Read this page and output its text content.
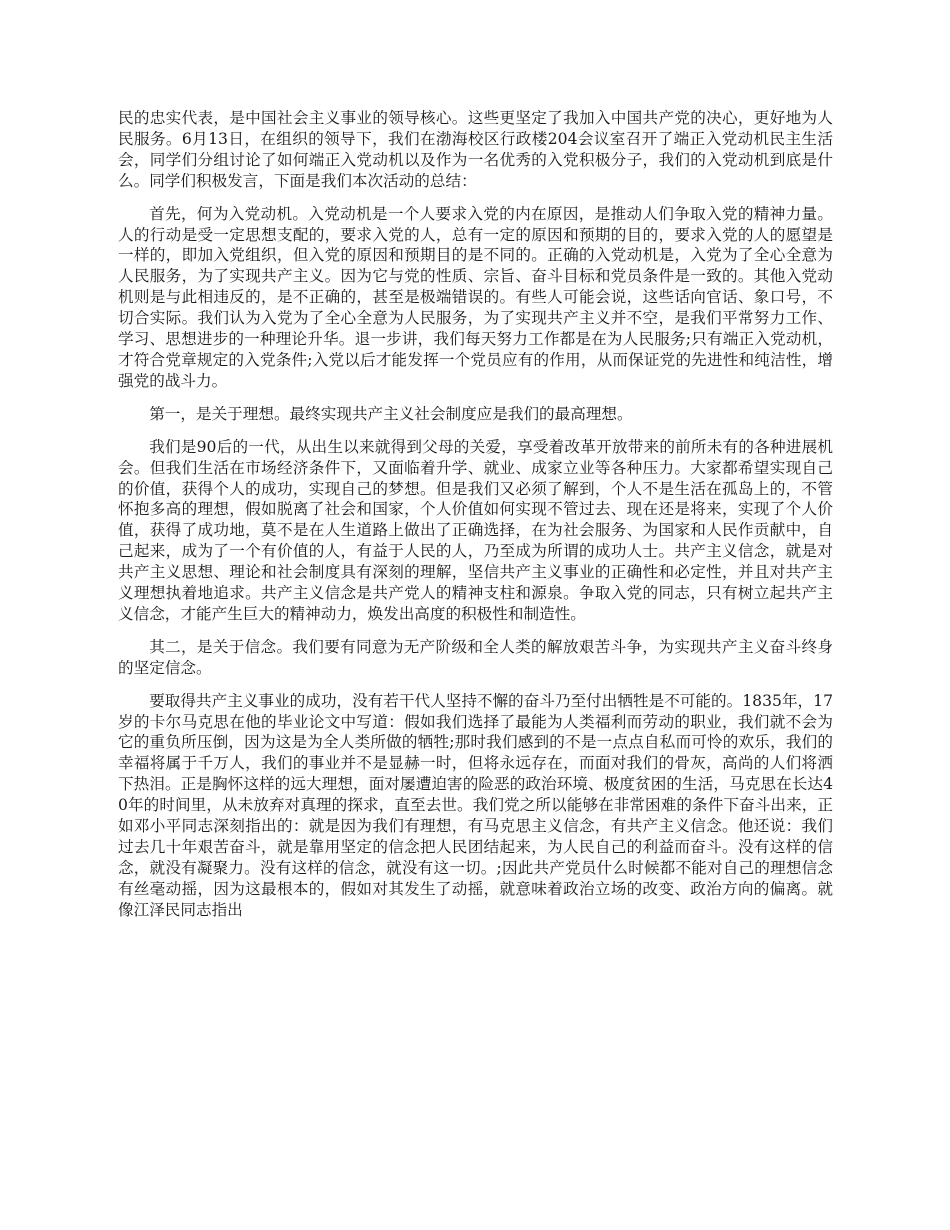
民的忠实代表，是中国社会主义事业的领导核心。这些更坚定了我加入中国共产党的决心，更好地为人民服务。6月13日，在组织的领导下，我们在渤海校区行政楼204会议室召开了端正入党动机民主生活会，同学们分组讨论了如何端正入党动机以及作为一名优秀的入党积极分子，我们的入党动机到底是什么。同学们积极发言，下面是我们本次活动的总结：

首先，何为入党动机。入党动机是一个人要求入党的内在原因，是推动人们争取入党的精神力量。人的行动是受一定思想支配的，要求入党的人，总有一定的原因和预期的目的，要求入党的人的愿望是一样的，即加入党组织，但入党的原因和预期目的是不同的。正确的入党动机是，入党为了全心全意为人民服务，为了实现共产主义。因为它与党的性质、宗旨、奋斗目标和党员条件是一致的。其他入党动机则是与此相违反的，是不正确的，甚至是极端错误的。有些人可能会说，这些话向官话、象口号，不切合实际。我们认为入党为了全心全意为人民服务，为了实现共产主义并不空，是我们平常努力工作、学习、思想进步的一种理论升华。退一步讲，我们每天努力工作都是在为人民服务;只有端正入党动机，才符合党章规定的入党条件;入党以后才能发挥一个党员应有的作用，从而保证党的先进性和纯洁性，增强党的战斗力。

第一，是关于理想。最终实现共产主义社会制度应是我们的最高理想。

我们是90后的一代，从出生以来就得到父母的关爱，享受着改革开放带来的前所未有的各种进展机会。但我们生活在市场经济条件下，又面临着升学、就业、成家立业等各种压力。大家都希望实现自己的价值，获得个人的成功，实现自己的梦想。但是我们又必须了解到，个人不是生活在孤岛上的，不管怀抱多高的理想，假如脱离了社会和国家，个人价值如何实现不管过去、现在还是将来，实现了个人价值，获得了成功地，莫不是在人生道路上做出了正确选择，在为社会服务、为国家和人民作贡献中，自己起来，成为了一个有价值的人，有益于人民的人，乃至成为所谓的成功人士。共产主义信念，就是对共产主义思想、理论和社会制度具有深刻的理解，坚信共产主义事业的正确性和必定性，并且对共产主义理想执着地追求。共产主义信念是共产党人的精神支柱和源泉。争取入党的同志，只有树立起共产主义信念，才能产生巨大的精神动力，焕发出高度的积极性和制造性。

其二，是关于信念。我们要有同意为无产阶级和全人类的解放艰苦斗争，为实现共产主义奋斗终身的坚定信念。

要取得共产主义事业的成功，没有若干代人坚持不懈的奋斗乃至付出牺牲是不可能的。1835年，17岁的卡尔马克思在他的毕业论文中写道：假如我们选择了最能为人类福利而劳动的职业，我们就不会为它的重负所压倒，因为这是为全人类所做的牺牲;那时我们感到的不是一点点自私而可怜的欢乐，我们的幸福将属于千万人，我们的事业并不是显赫一时，但将永远存在，而面对我们的骨灰，高尚的人们将洒下热泪。正是胸怀这样的远大理想，面对屡遭迫害的险恶的政治环境、极度贫困的生活，马克思在长达40年的时间里，从未放弃对真理的探求，直至去世。我们党之所以能够在非常困难的条件下奋斗出来，正如邓小平同志深刻指出的：就是因为我们有理想，有马克思主义信念，有共产主义信念。他还说：我们过去几十年艰苦奋斗，就是靠用坚定的信念把人民团结起来，为人民自己的利益而奋斗。没有这样的信念，就没有凝聚力。没有这样的信念，就没有这一切。;因此共产党员什么时候都不能对自己的理想信念有丝毫动摇，因为这最根本的，假如对其发生了动摇，就意味着政治立场的改变、政治方向的偏离。就像江泽民同志指出
